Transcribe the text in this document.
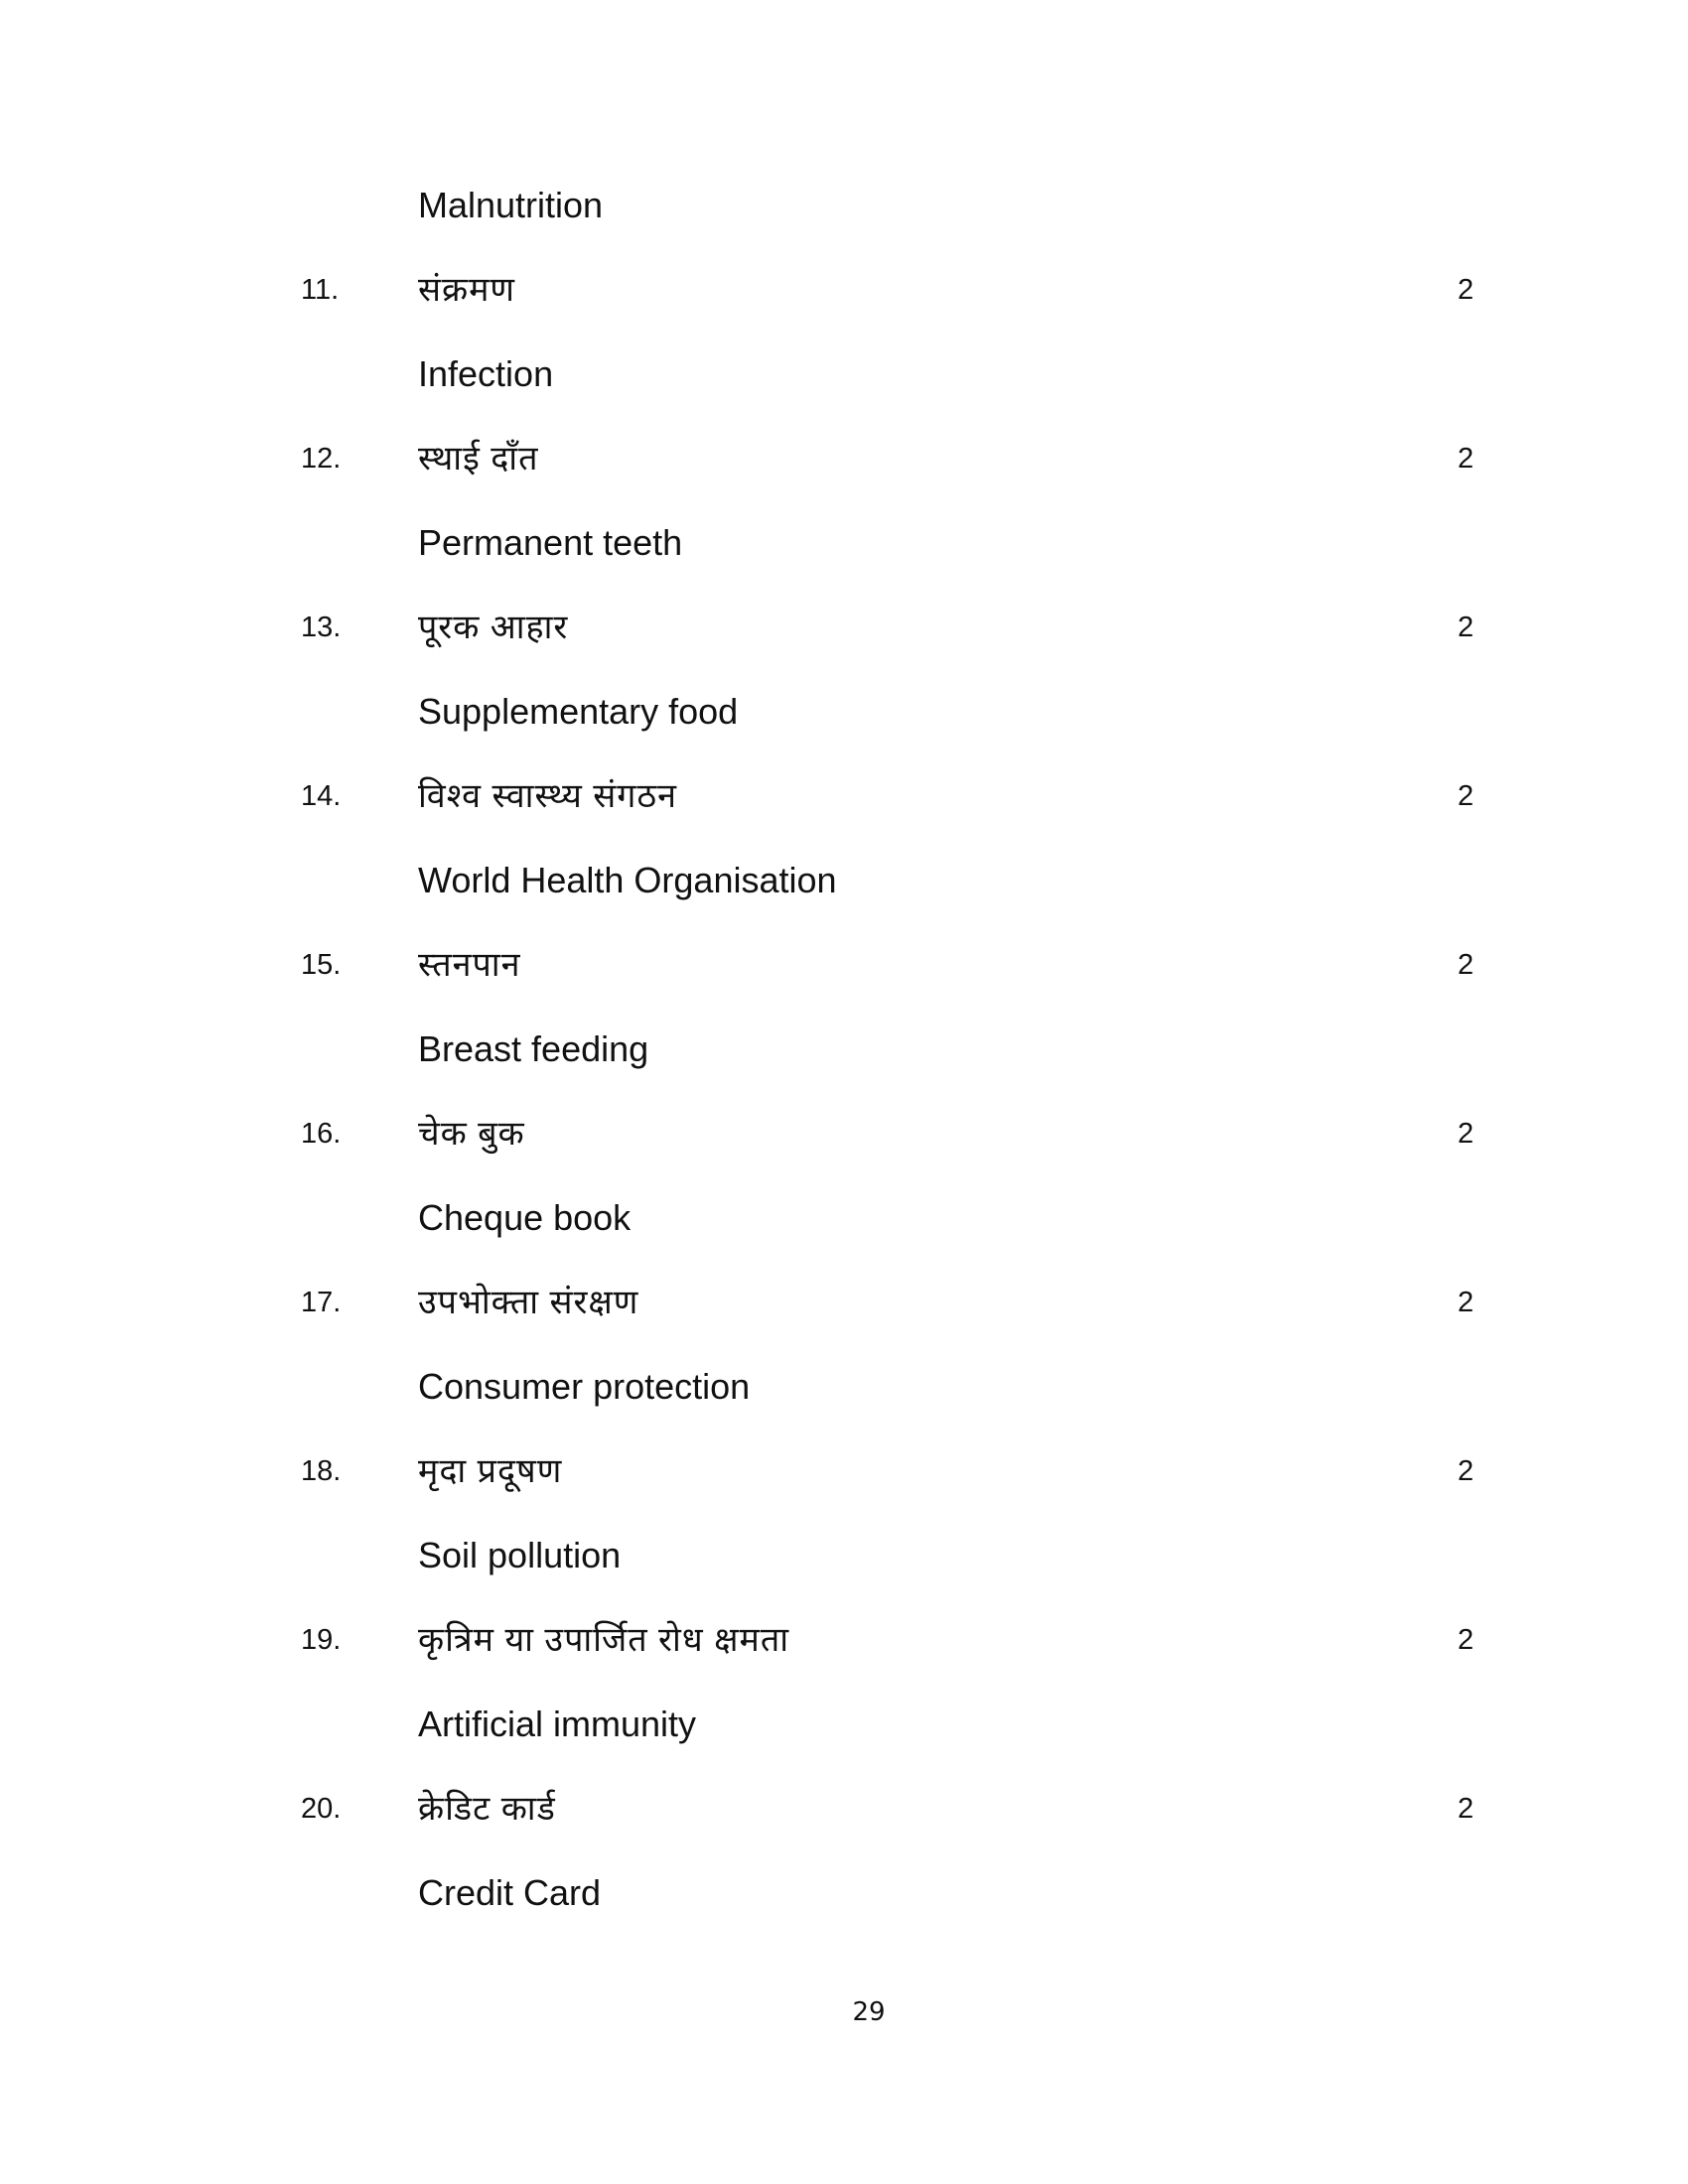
Malnutrition
11. संक्रमण	2
Infection
12. स्थाई दाँत	2
Permanent teeth
13. पूरक आहार	2
Supplementary food
14. विश्व स्वास्थ्य संगठन	2
World Health Organisation
15. स्तनपान	2
Breast feeding
16. चेक बुक	2
Cheque book
17. उपभोक्ता संरक्षण	2
Consumer protection
18. मृदा प्रदूषण	2
Soil pollution
19. कृत्रिम या उपार्जित रोध क्षमता	2
Artificial immunity
20. क्रेडिट कार्ड	2
Credit Card
29
